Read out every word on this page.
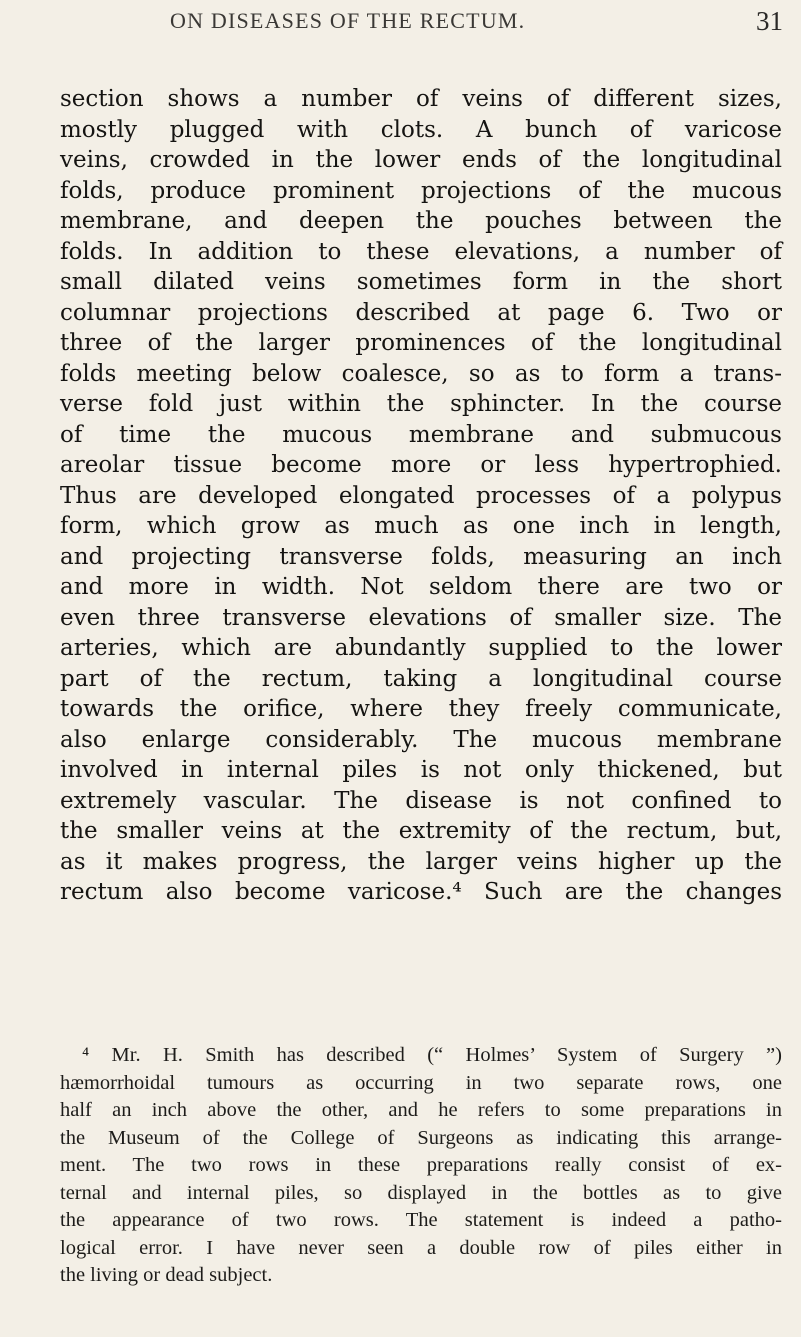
ON DISEASES OF THE RECTUM.	31
section shows a number of veins of different sizes,
mostly plugged with clots. A bunch of varicose
veins, crowded in the lower ends of the longitudinal
folds, produce prominent projections of the mucous
membrane, and deepen the pouches between the
folds. In addition to these elevations, a number of
small dilated veins sometimes form in the short
columnar projections described at page 6. Two or
three of the larger prominences of the longitudinal
folds meeting below coalesce, so as to form a trans-
verse fold just within the sphincter. In the course
of time the mucous membrane and submucous
areolar tissue become more or less hypertrophied.
Thus are developed elongated processes of a polypus
form, which grow as much as one inch in length,
and projecting transverse folds, measuring an inch
and more in width. Not seldom there are two or
even three transverse elevations of smaller size. The
arteries, which are abundantly supplied to the lower
part of the rectum, taking a longitudinal course
towards the orifice, where they freely communicate,
also enlarge considerably. The mucous membrane
involved in internal piles is not only thickened, but
extremely vascular. The disease is not confined to
the smaller veins at the extremity of the rectum, but,
as it makes progress, the larger veins higher up the
rectum also become varicose.⁴ Such are the changes
⁴ Mr. H. Smith has described (“ Holmes’ System of Surgery ”)
hæmorrhoidal tumours as occurring in two separate rows, one
half an inch above the other, and he refers to some preparations in
the Museum of the College of Surgeons as indicating this arrange-
ment. The two rows in these preparations really consist of ex-
ternal and internal piles, so displayed in the bottles as to give
the appearance of two rows. The statement is indeed a patho-
logical error. I have never seen a double row of piles either in
the living or dead subject.
